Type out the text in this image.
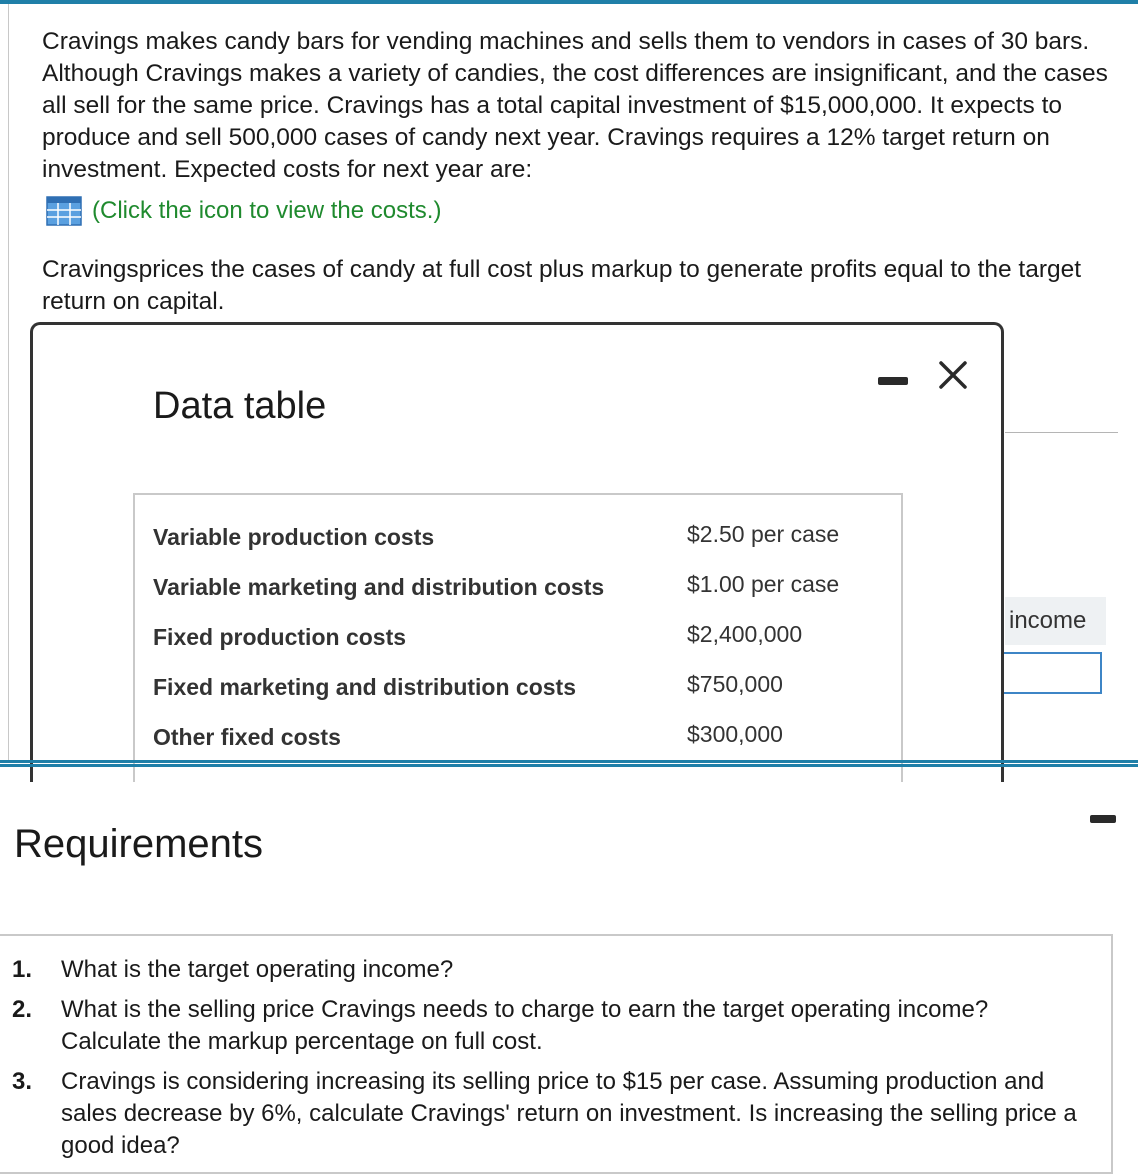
Cravings makes candy bars for vending machines and sells them to vendors in cases of 30 bars. Although Cravings makes a variety of candies, the cost differences are insignificant, and the cases all sell for the same price. Cravings has a total capital investment of $15,000,000. It expects to produce and sell 500,000 cases of candy next year. Cravings requires a 12% target return on investment. Expected costs for next year are:

(Click the icon to view the costs.)

Cravingsprices the cases of candy at full cost plus markup to generate profits equal to the target return on capital.

income
Data table
Variable production costs	$2.50 per case
Variable marketing and distribution costs	$1.00 per case
Fixed production costs	$2,400,000
Fixed marketing and distribution costs	$750,000
Other fixed costs	$300,000
Requirements
1. What is the target operating income?
2. What is the selling price Cravings needs to charge to earn the target operating income? Calculate the markup percentage on full cost.
3. Cravings is considering increasing its selling price to $15 per case. Assuming production and sales decrease by 6%, calculate Cravings' return on investment. Is increasing the selling price a good idea?
